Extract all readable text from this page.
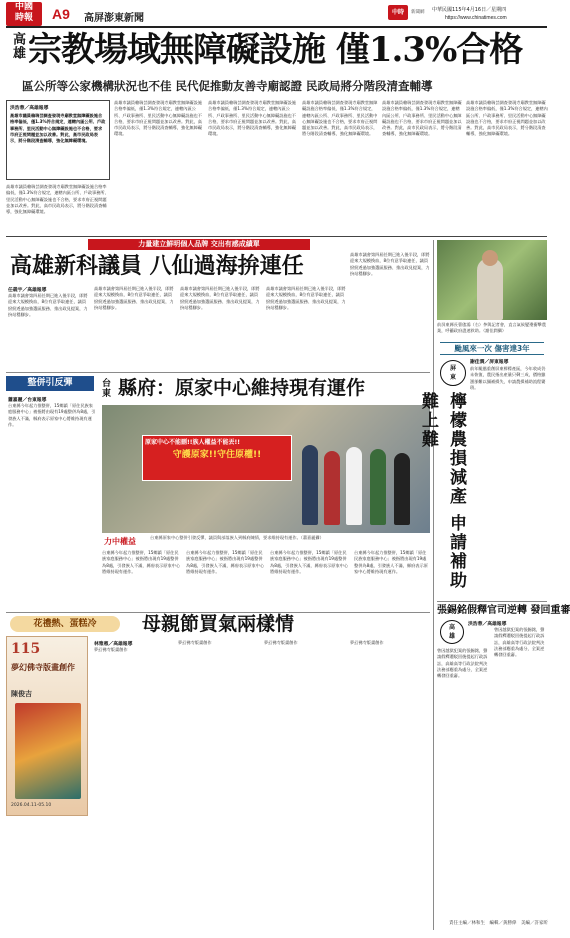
中國
時報	A9 高屏澎東新聞
中時	新聞網 中華民國115年4月16日／星期四
https://www.chinatimes.com
高雄 宗教場域無障礙設施 僅1.3%合格
區公所等公家機構狀況也不佳 民代促推動友善寺廟認證 民政局將分階段清查輔導
洪浩蓉／高雄報導
高雄市議員賴瑞芸調查發現寺廟教堂無障礙設施合格率偏低，僅1.3%符合規定，連轄內區公所、戶政事務所、里民活動中心無障礙設施也不合格，要求市府正視問題並加以改善。對此，高市民政局表示，將分階段清查輔導，強化無障礙環境。
高雄市議員賴瑞芸調查發現寺廟教堂無障礙設施合格率偏低，僅1.3%符合規定，連轄內區公所、戶政事務所、里民活動中心無障礙設施也不合格，要求市府正視問題並加以改善。對此，高市民政局表示，將分階段清查輔導，強化無障礙環境。
高雄市議員賴瑞芸調查發現寺廟教堂無障礙設施合格率偏低，僅1.3%符合規定，連轄內區公所、戶政事務所、里民活動中心無障礙設施也不合格，要求市府正視問題並加以改善。對此，高市民政局表示，將分階段清查輔導，強化無障礙環境。
高雄市議員賴瑞芸調查發現寺廟教堂無障礙設施合格率偏低，僅1.3%符合規定，連轄內區公所、戶政事務所、里民活動中心無障礙設施也不合格，要求市府正視問題並加以改善。對此，高市民政局表示，將分階段清查輔導，強化無障礙環境。
高雄市議員賴瑞芸調查發現寺廟教堂無障礙設施合格率偏低，僅1.3%符合規定，連轄內區公所、戶政事務所、里民活動中心無障礙設施也不合格，要求市府正視問題並加以改善。對此，高市民政局表示，將分階段清查輔導，強化無障礙環境。
高雄市議員賴瑞芸調查發現寺廟教堂無障礙設施合格率偏低，僅1.3%符合規定，連轄內區公所、戶政事務所、里民活動中心無障礙設施也不合格，要求市府正視問題並加以改善。對此，高市民政局表示，將分階段清查輔導，強化無障礙環境。
高雄市議員賴瑞芸調查發現寺廟教堂無障礙設施合格率偏低，僅1.3%符合規定，連轄內區公所、戶政事務所、里民活動中心無障礙設施也不合格，要求市府正視問題並加以改善。對此，高市民政局表示，將分階段清查輔導，強化無障礙環境。
力量建立鮮明個人品牌 交出有感成績單
高雄新科議員 八仙過海拚連任
任義宇／高雄報導
高雄市議會第四屆任期已進入後半段，即將迎來大規模換血，8位有意爭取連任，議員紛紛透過加強選區服務、推出政見提案，力拚站穩腳步。
高雄市議會第四屆任期已進入後半段，即將迎來大規模換血，8位有意爭取連任，議員紛紛透過加強選區服務、推出政見提案，力拚站穩腳步。
高雄市議會第四屆任期已進入後半段，即將迎來大規模換血，8位有意爭取連任，議員紛紛透過加強選區服務、推出政見提案，力拚站穩腳步。
高雄市議會第四屆任期已進入後半段，即將迎來大規模換血，8位有意爭取連任，議員紛紛透過加強選區服務、推出政見提案，力拚站穩腳步。
高雄市議會第四屆任期已進入後半段，即將迎來大規模換血，8位有意爭取連任，議員紛紛透過加強選區服務、推出政見提案，力拚站穩腳步。
整併引反彈	台東 縣府：原家中心維持現有運作
蕭嘉麗／台東報導
台東縣今年起力推整併，15鄉鎮「原住民族家庭服務中心」被指將由現有19處整併為8處，引發族人不滿，縣府表示原家中心將維持現有運作。
原家中心不能刪!!族人權益不能丟!!
守護原家!!守住原權!!
力中權益	台東縣原家中心整併引發反彈，議員與部落族人到縣府陳情，要求維持現有運作。（蕭嘉麗攝）
台東縣今年起力推整併，15鄉鎮「原住民族家庭服務中心」被指將由現有19處整併為8處，引發族人不滿，縣府表示原家中心將維持現有運作。
台東縣今年起力推整併，15鄉鎮「原住民族家庭服務中心」被指將由現有19處整併為8處，引發族人不滿，縣府表示原家中心將維持現有運作。
台東縣今年起力推整併，15鄉鎮「原住民族家庭服務中心」被指將由現有19處整併為8處，引發族人不滿，縣府表示原家中心將維持現有運作。
台東縣今年起力推整併，15鄉鎮「原住民族家庭服務中心」被指將由現有19處整併為8處，引發族人不滿，縣府表示原家中心將維持現有運作。
花禮熱、蛋糕冷	母親節買氣兩樣情
115
夢幻佛寺版畫創作
陳俊吉
2026.04.11-05.10
林雅惠／高雄報導
夢幻佛寺版畫創作
夢幻佛寺版畫創作	夢幻佛寺版畫創作	夢幻佛寺版畫創作
前屏東縣長曹啟鴻（右）參與記者會，直言氣候變遷衝擊農業，呼籲政府盡速救助。（謝佳潤攝）
颱風來一次 傷害達3年
謝佳潤／屏東報導
屏東
檸檬農損減產 申請補助難上難
前年颱風重創屏東檸檬產區，今年收成仍未恢復，農民指出產量只剩三成，價格雖漲卻難以彌補損失，申請農損補助流程繁瑣。
張錫銘假釋官司逆轉 發回重審
高雄
洪浩蓉／高雄報導
曾因越獄犯案的張錫銘，聲請假釋遭駁回後提起行政訴訟，高雄高等行政法院判決法務部應重為處分，全案逆轉發回重審。
曾因越獄犯案的張錫銘，聲請假釋遭駁回後提起行政訴訟，高雄高等行政法院判決法務部應重為處分，全案逆轉發回重審。
責任主編／林和生　編輯／黃勝偉　美編／許家昕
